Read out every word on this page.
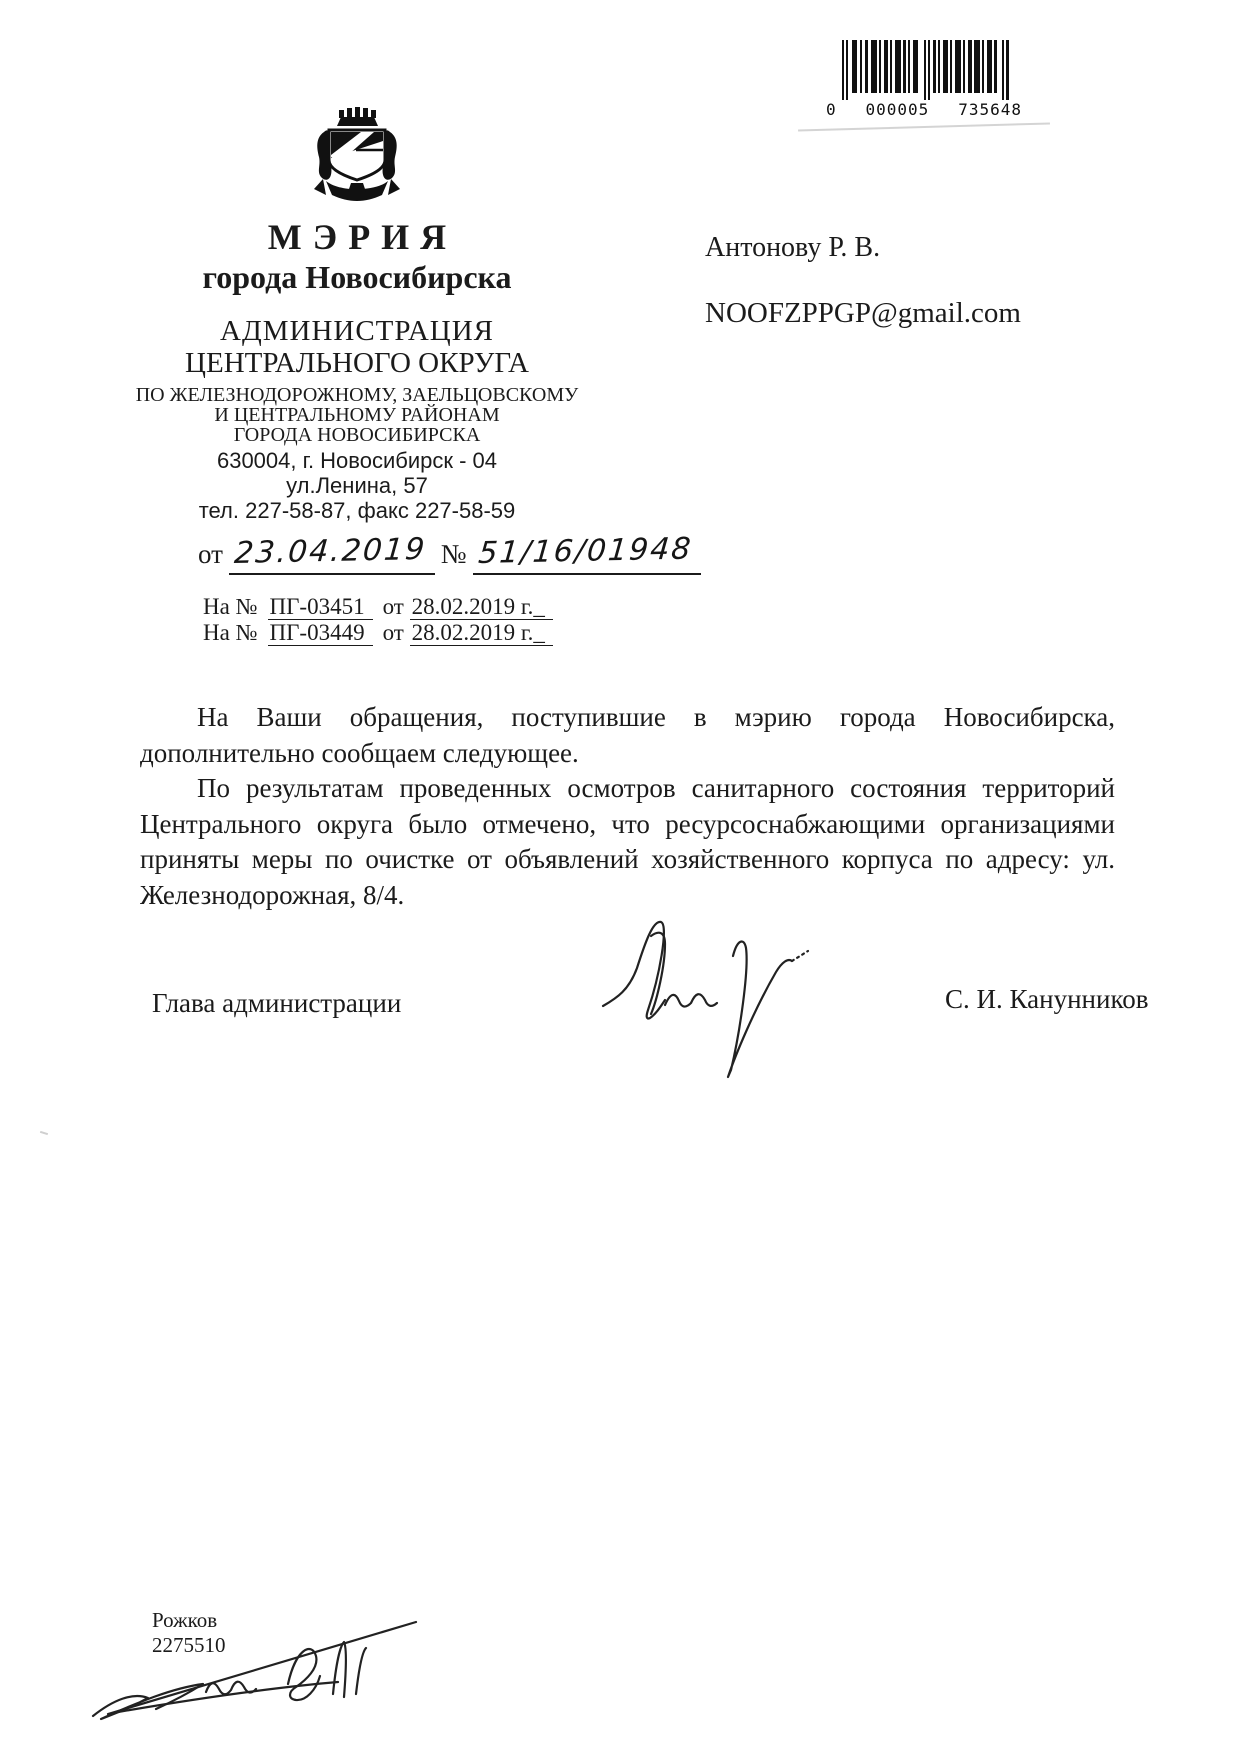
0 000005 735648
МЭРИЯ
города Новосибирска
АДМИНИСТРАЦИЯ
ЦЕНТРАЛЬНОГО ОКРУГА
ПО ЖЕЛЕЗНОДОРОЖНОМУ, ЗАЕЛЬЦОВСКОМУ
И ЦЕНТРАЛЬНОМУ РАЙОНАМ
ГОРОДА НОВОСИБИРСКА
630004, г. Новосибирск - 04
ул.Ленина, 57
тел. 227-58-87, факс 227-58-59
Антонову Р. В.
NOOFZPPGP@gmail.com
от 23.04.2019 № 51/16/01948
На № ПГ-03451 от 28.02.2019 г._
На № ПГ-03449 от 28.02.2019 г._

На Ваши обращения, поступившие в мэрию города Новосибирска, дополнительно сообщаем следующее.

По результатам проведенных осмотров санитарного состояния территорий Центрального округа было отмечено, что ресурсоснабжающими организациями приняты меры по очистке от объявлений хозяйственного корпуса по адресу: ул. Железнодорожная, 8/4.

Глава администрации	С. И. Канунников
Рожков
2275510
